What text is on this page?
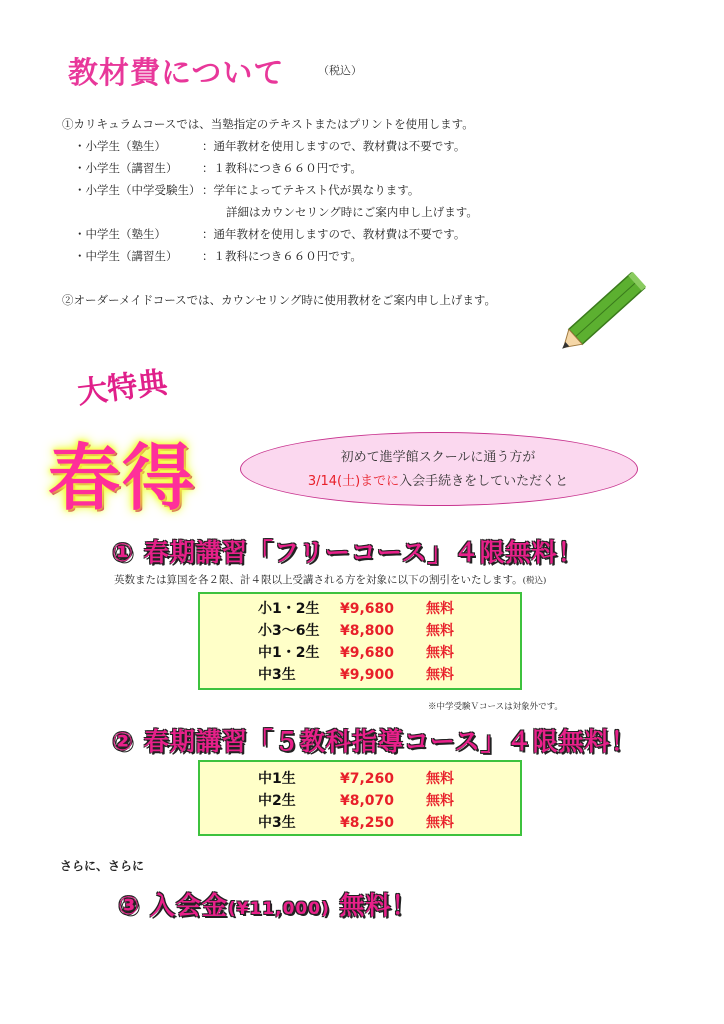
教材費について	（税込）
①カリキュラムコースでは、当塾指定のテキストまたはプリントを使用します。
・小学生（塾生）	：通年教材を使用しますので、教材費は不要です。
・小学生（講習生） ：１教科につき６６０円です。
・小学生（中学受験生） ：学年によってテキスト代が異なります。
詳細はカウンセリング時にご案内申し上げます。
・中学生（塾生）	：通年教材を使用しますので、教材費は不要です。
・中学生（講習生） ：１教科につき６６０円です。
②オーダーメイドコースでは、カウンセリング時に使用教材をご案内申し上げます。
大特典
春得	初めて進学館スクールに通う方が
3/14(土)までに入会手続きをしていただくと
① 春期講習「フリーコース」４限無料！
英数または算国を各２限、計４限以上受講される方を対象に以下の割引をいたします。(税込)
小1・2生 ¥9,680 無料
小3～6生 ¥8,800 無料
中1・2生 ¥9,680 無料
中3生	¥9,900 無料
※中学受験Ｖコースは対象外です。
② 春期講習「５教科指導コース」４限無料！
中1生	¥7,260 無料
中2生	¥8,070 無料
中3生	¥8,250 無料
さらに、さらに
③ 入会金(¥11,000) 無料！
